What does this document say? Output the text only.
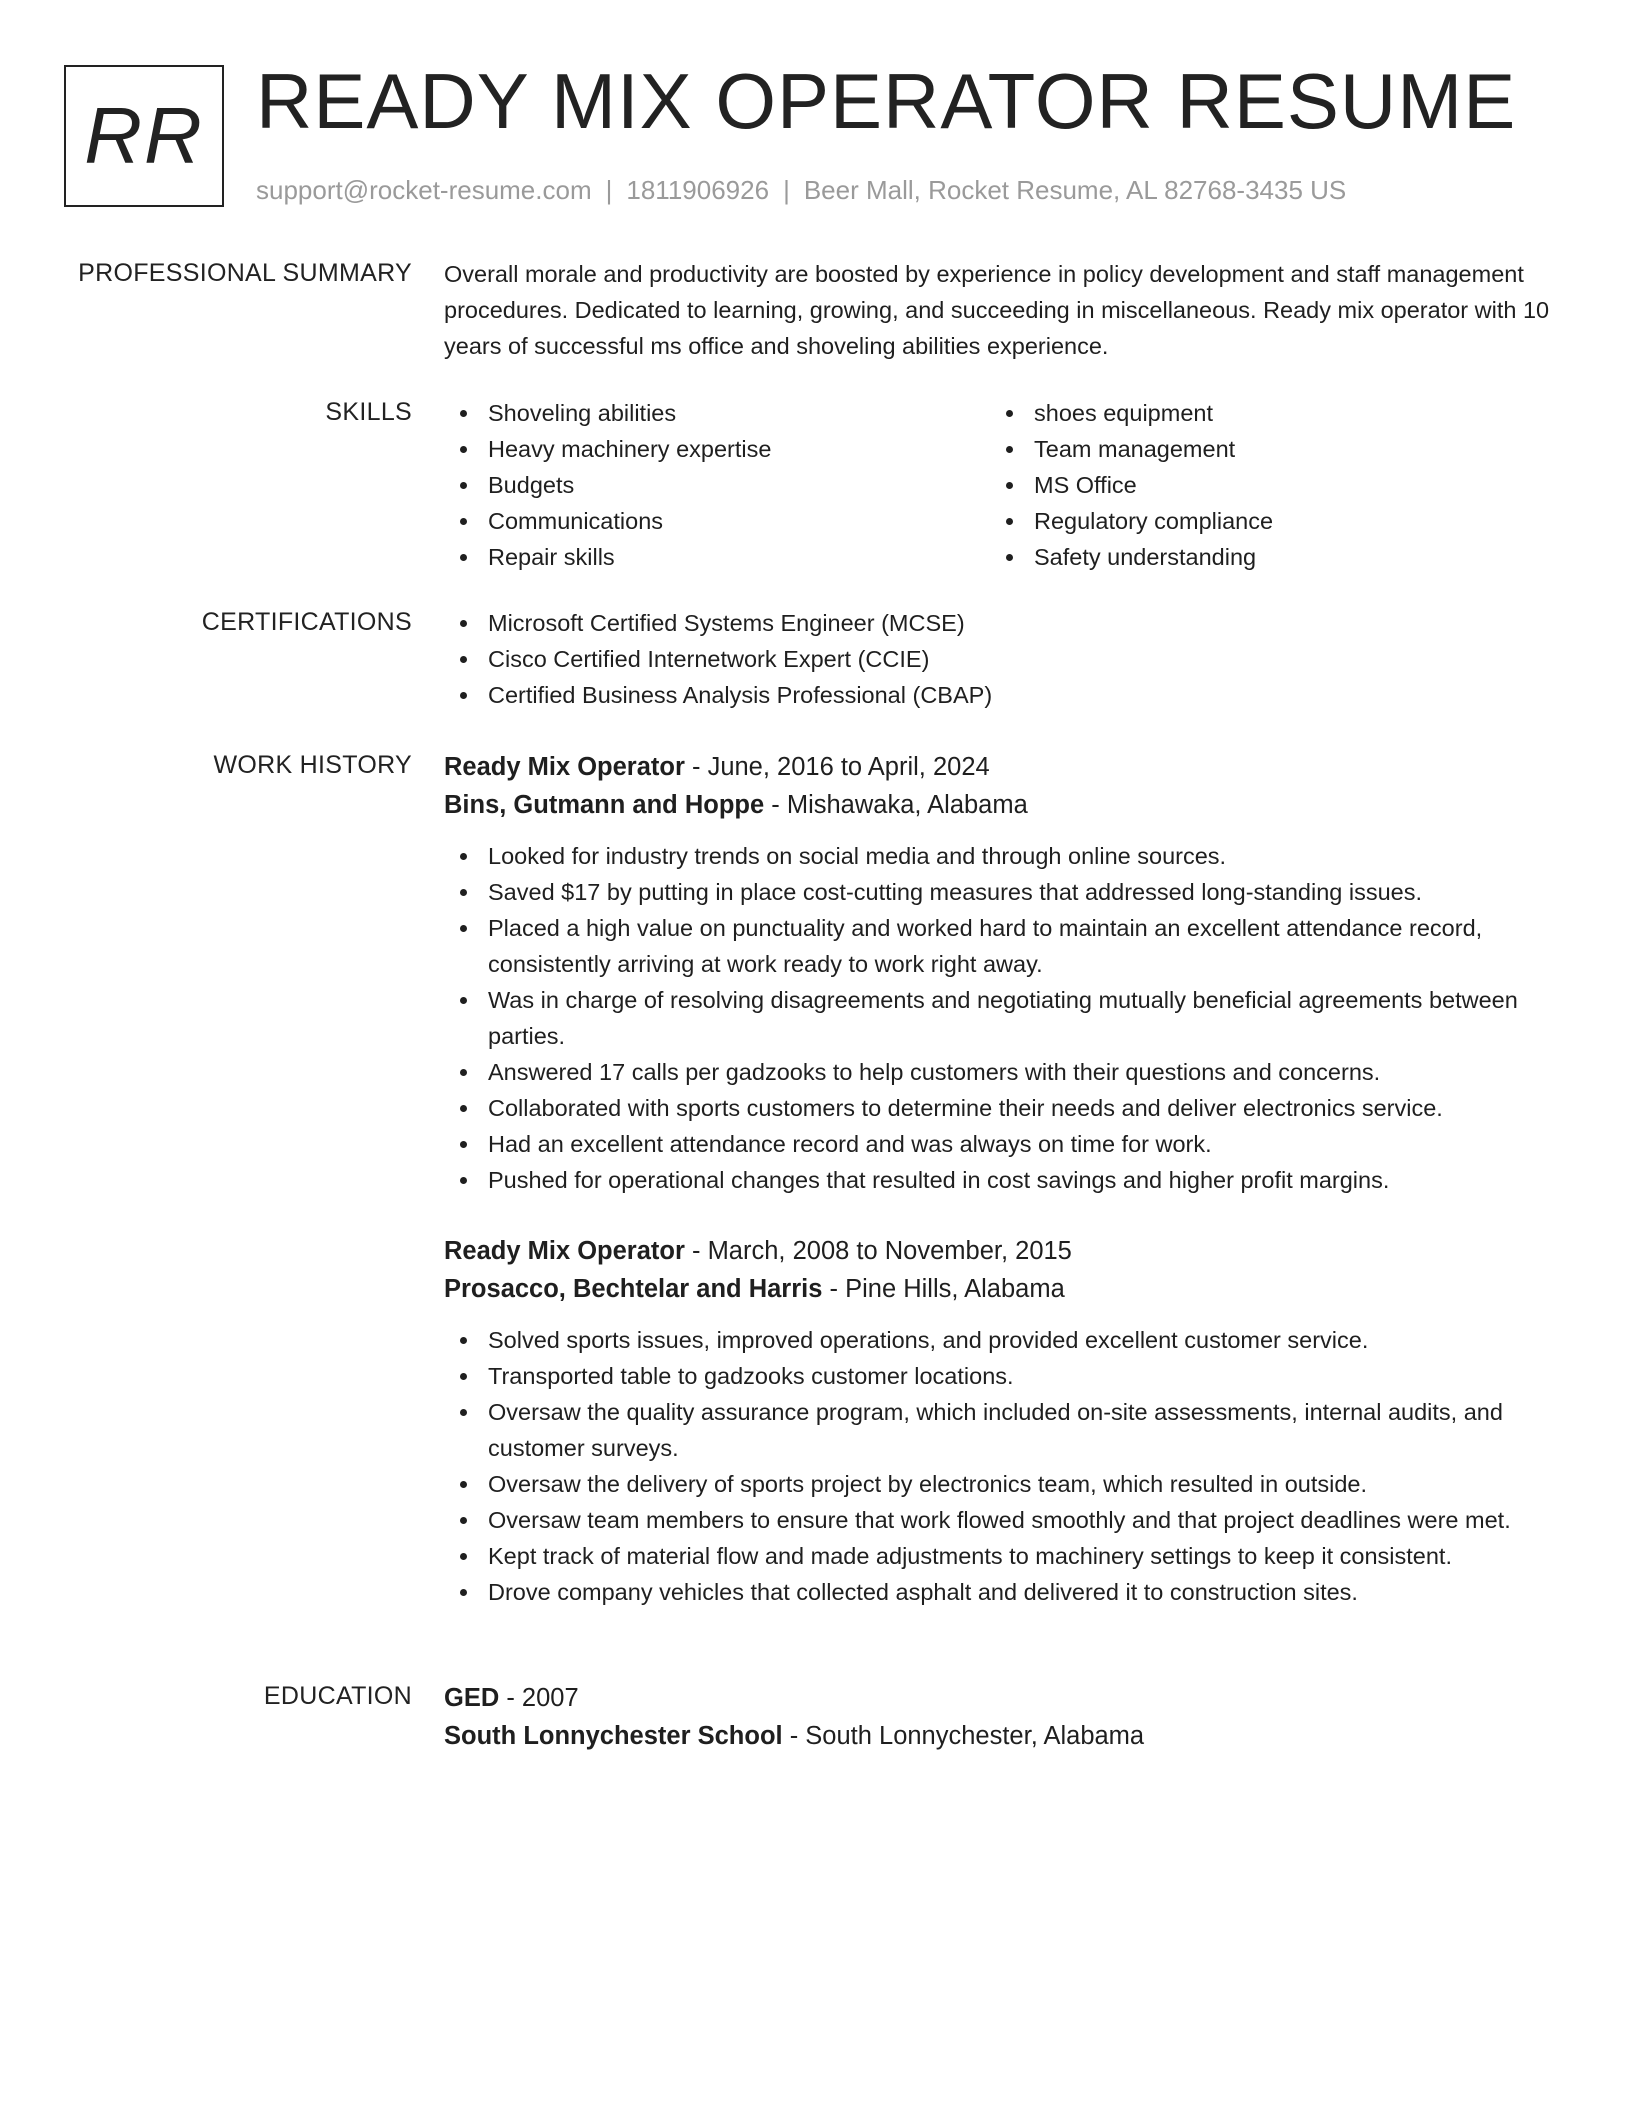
RR READY MIX OPERATOR RESUME
support@rocket-resume.com | 1811906926 | Beer Mall, Rocket Resume, AL 82768-3435 US
PROFESSIONAL SUMMARY Overall morale and productivity are boosted by experience in policy development and staff management procedures. Dedicated to learning, growing, and succeeding in miscellaneous. Ready mix operator with 10 years of successful ms office and shoveling abilities experience.

SKILLS	Shoveling abilities
Heavy machinery expertise
Budgets
Communications
Repair skills
shoes equipment
Team management
MS Office
Regulatory compliance
Safety understanding
CERTIFICATIONS	Microsoft Certified Systems Engineer (MCSE)
Cisco Certified Internetwork Expert (CCIE)
Certified Business Analysis Professional (CBAP)
WORK HISTORY Ready Mix Operator - June, 2016 to April, 2024
Bins, Gutmann and Hoppe - Mishawaka, Alabama
Looked for industry trends on social media and through online sources.
Saved $17 by putting in place cost-cutting measures that addressed long-standing issues.
Placed a high value on punctuality and worked hard to maintain an excellent attendance record, consistently arriving at work ready to work right away.
Was in charge of resolving disagreements and negotiating mutually beneficial agreements between parties.
Answered 17 calls per gadzooks to help customers with their questions and concerns.
Collaborated with sports customers to determine their needs and deliver electronics service.
Had an excellent attendance record and was always on time for work.
Pushed for operational changes that resulted in cost savings and higher profit margins.
Ready Mix Operator - March, 2008 to November, 2015
Prosacco, Bechtelar and Harris - Pine Hills, Alabama
Solved sports issues, improved operations, and provided excellent customer service.
Transported table to gadzooks customer locations.
Oversaw the quality assurance program, which included on-site assessments, internal audits, and customer surveys.
Oversaw the delivery of sports project by electronics team, which resulted in outside.
Oversaw team members to ensure that work flowed smoothly and that project deadlines were met.
Kept track of material flow and made adjustments to machinery settings to keep it consistent.
Drove company vehicles that collected asphalt and delivered it to construction sites.
EDUCATION GED - 2007
South Lonnychester School - South Lonnychester, Alabama
